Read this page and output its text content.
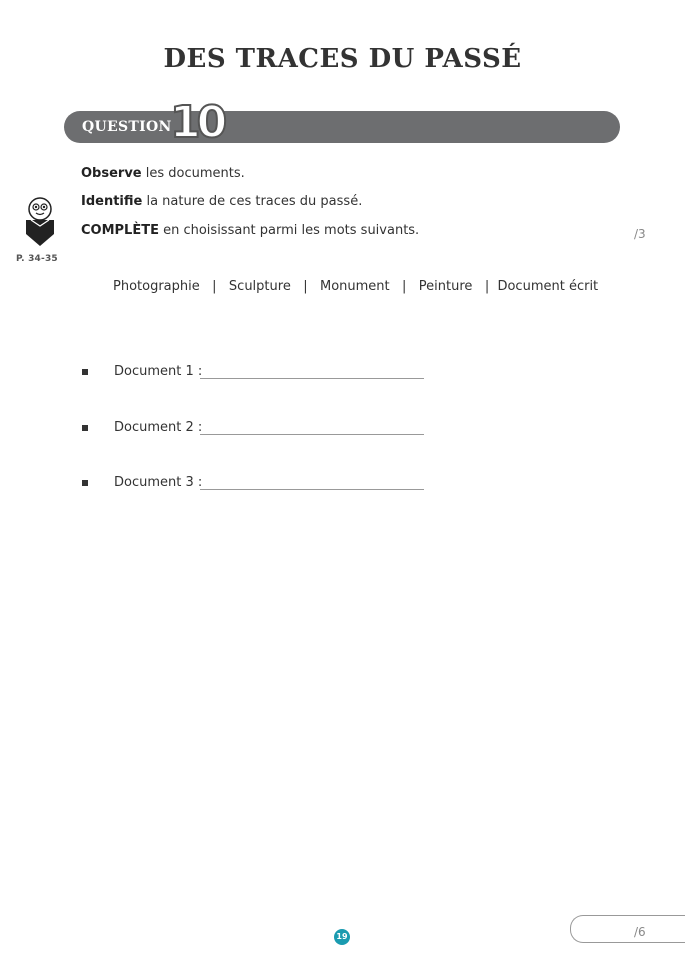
DES TRACES DU PASSÉ
QUESTION
10
Observe les documents.
Identifie la nature de ces traces du passé.
COMPLÈTE en choisissant parmi les mots suivants.	/3
P. 34-35
Photographie   |   Sculpture   |   Monument   |   Peinture   |  Document écrit
Document 1 :
Document 2 :
Document 3 :
/6
19
